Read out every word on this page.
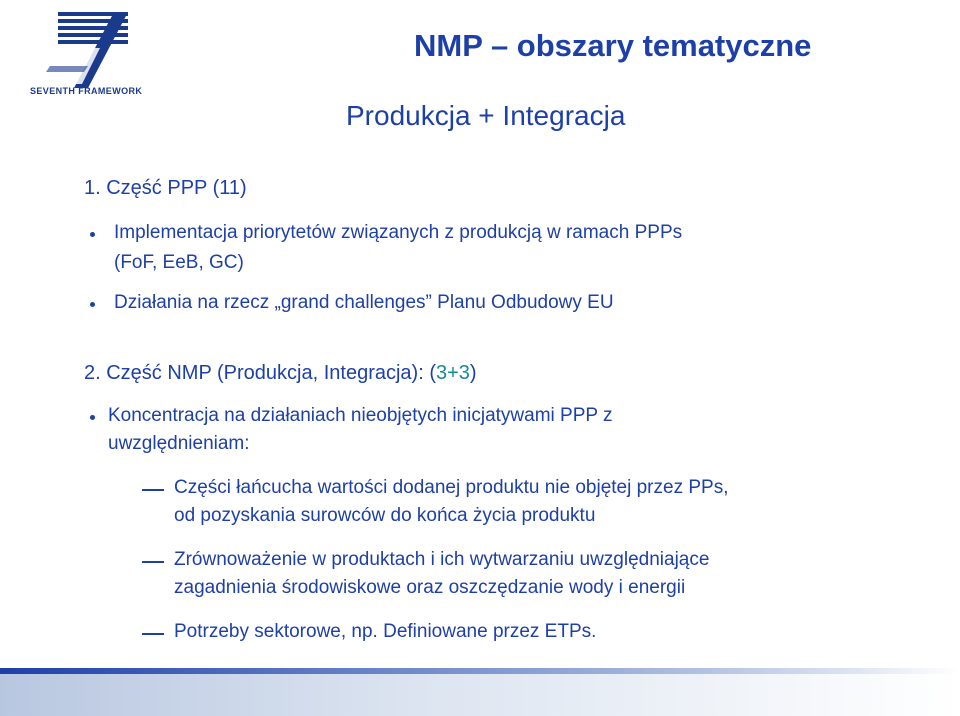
SEVENTH FRAMEWORK
NMP – obszary tematyczne
Produkcja + Integracja

1. Część PPP (11)

Implementacja priorytetów związanych z produkcją w ramach PPPs

(FoF, EeB, GC)

Działania na rzecz „grand challenges” Planu Odbudowy EU

2. Część NMP (Produkcja, Integracja): (3+3)

Koncentracja na działaniach nieobjętych inicjatywami PPP z

uwzględnieniam:

Części łańcucha wartości dodanej produktu nie objętej przez PPs,

od pozyskania surowców do końca życia produktu

Zrównoważenie w produktach i ich wytwarzaniu uwzględniające

zagadnienia środowiskowe oraz oszczędzanie wody i energii

Potrzeby sektorowe, np. Definiowane przez ETPs.
